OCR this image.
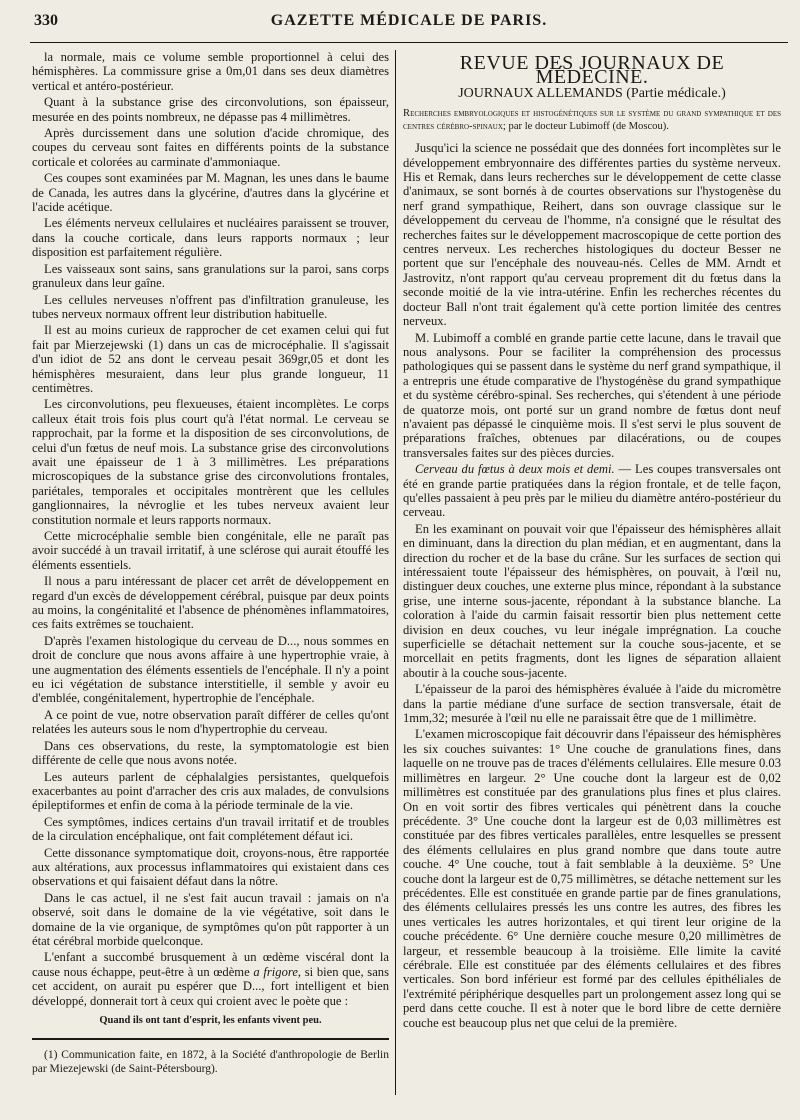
330	GAZETTE MÉDICALE DE PARIS.

la normale, mais ce volume semble proportionnel à celui des hémisphères. La commissure grise a 0m,01 dans ses deux diamètres vertical et antéro-postérieur.

Quant à la substance grise des circonvolutions, son épaisseur, mesurée en des points nombreux, ne dépasse pas 4 millimètres.

Après durcissement dans une solution d'acide chromique, des coupes du cerveau sont faites en différents points de la substance corticale et colorées au carminate d'ammoniaque.

Ces coupes sont examinées par M. Magnan, les unes dans le baume de Canada, les autres dans la glycérine, d'autres dans la glycérine et l'acide acétique.

Les éléments nerveux cellulaires et nucléaires paraissent se trouver, dans la couche corticale, dans leurs rapports normaux ; leur disposition est parfaitement régulière.

Les vaisseaux sont sains, sans granulations sur la paroi, sans corps granuleux dans leur gaîne.

Les cellules nerveuses n'offrent pas d'infiltration granuleuse, les tubes nerveux normaux offrent leur distribution habituelle.

Il est au moins curieux de rapprocher de cet examen celui qui fut fait par Mierzejewski (1) dans un cas de microcéphalie. Il s'agissait d'un idiot de 52 ans dont le cerveau pesait 369gr,05 et dont les hémisphères mesuraient, dans leur plus grande longueur, 11 centimètres.

Les circonvolutions, peu flexueuses, étaient incomplètes. Le corps calleux était trois fois plus court qu'à l'état normal. Le cerveau se rapprochait, par la forme et la disposition de ses circonvolutions, de celui d'un fœtus de neuf mois. La substance grise des circonvolutions avait une épaisseur de 1 à 3 millimètres. Les préparations microscopiques de la substance grise des circonvolutions frontales, pariétales, temporales et occipitales montrèrent que les cellules ganglionnaires, la névroglie et les tubes nerveux avaient leur constitution normale et leurs rapports normaux.

Cette microcéphalie semble bien congénitale, elle ne paraît pas avoir succédé à un travail irritatif, à une sclérose qui aurait étouffé les éléments essentiels.

Il nous a paru intéressant de placer cet arrêt de développement en regard d'un excès de développement cérébral, puisque par deux points au moins, la congénitalité et l'absence de phénomènes inflammatoires, ces faits extrêmes se touchaient.

D'après l'examen histologique du cerveau de D..., nous sommes en droit de conclure que nous avons affaire à une hypertrophie vraie, à une augmentation des éléments essentiels de l'encéphale. Il n'y a point eu ici végétation de substance interstitielle, il semble y avoir eu d'emblée, congénitalement, hypertrophie de l'encéphale.

A ce point de vue, notre observation paraît différer de celles qu'ont relatées les auteurs sous le nom d'hypertrophie du cerveau.

Dans ces observations, du reste, la symptomatologie est bien différente de celle que nous avons notée.

Les auteurs parlent de céphalalgies persistantes, quelquefois exacerbantes au point d'arracher des cris aux malades, de convulsions épileptiformes et enfin de coma à la période terminale de la vie.

Ces symptômes, indices certains d'un travail irritatif et de troubles de la circulation encéphalique, ont fait complétement défaut ici.

Cette dissonance symptomatique doit, croyons-nous, être rapportée aux altérations, aux processus inflammatoires qui existaient dans ces observations et qui faisaient défaut dans la nôtre.

Dans le cas actuel, il ne s'est fait aucun travail : jamais on n'a observé, soit dans le domaine de la vie végétative, soit dans le domaine de la vie organique, de symptômes qu'on pût rapporter à un état cérébral morbide quelconque.

L'enfant a succombé brusquement à un œdème viscéral dont la cause nous échappe, peut-être à un œdème a frigore, si bien que, sans cet accident, on aurait pu espérer que D..., fort intelligent et bien développé, donnerait tort à ceux qui croient avec le poète que :

Quand ils ont tant d'esprit, les enfants vivent peu.

(1) Communication faite, en 1872, à la Société d'anthropologie de Berlin par Miezejewski (de Saint-Pétersbourg).

REVUE DES JOURNAUX DE MÉDECINE.
JOURNAUX ALLEMANDS (Partie médicale.)

Recherches embryologiques et histogénétiques sur le système du grand sympathique et des centres cérébro-spinaux; par le docteur Lubimoff (de Moscou).

Jusqu'ici la science ne possédait que des données fort incomplètes sur le développement embryonnaire des différentes parties du système nerveux. His et Remak, dans leurs recherches sur le développement de cette classe d'animaux, se sont bornés à de courtes observations sur l'hystogenèse du nerf grand sympathique, Reihert, dans son ouvrage classique sur le développement du cerveau de l'homme, n'a consigné que le résultat des recherches faites sur le développement macroscopique de cette portion des centres nerveux. Les recherches histologiques du docteur Besser ne portent que sur l'encéphale des nouveau-nés. Celles de MM. Arndt et Jastrovitz, n'ont rapport qu'au cerveau proprement dit du fœtus dans la seconde moitié de la vie intra-utérine. Enfin les recherches récentes du docteur Ball n'ont trait également qu'à cette portion limitée des centres nerveux.

M. Lubimoff a comblé en grande partie cette lacune, dans le travail que nous analysons. Pour se faciliter la compréhension des processus pathologiques qui se passent dans le système du nerf grand sympathique, il a entrepris une étude comparative de l'hystogénèse du grand sympathique et du système cérébro-spinal. Ses recherches, qui s'étendent à une période de quatorze mois, ont porté sur un grand nombre de fœtus dont neuf n'avaient pas dépassé le cinquième mois. Il s'est servi le plus souvent de préparations fraîches, obtenues par dilacérations, ou de coupes transversales faites sur des pièces durcies.

Cerveau du fœtus à deux mois et demi. — Les coupes transversales ont été en grande partie pratiquées dans la région frontale, et de telle façon, qu'elles passaient à peu près par le milieu du diamètre antéro-postérieur du cerveau.

En les examinant on pouvait voir que l'épaisseur des hémisphères allait en diminuant, dans la direction du plan médian, et en augmentant, dans la direction du rocher et de la base du crâne. Sur les surfaces de section qui intéressaient toute l'épaisseur des hémisphères, on pouvait, à l'œil nu, distinguer deux couches, une externe plus mince, répondant à la substance grise, une interne sous-jacente, répondant à la substance blanche. La coloration à l'aide du carmin faisait ressortir bien plus nettement cette division en deux couches, vu leur inégale imprégnation. La couche superficielle se détachait nettement sur la couche sous-jacente, et se morcellait en petits fragments, dont les lignes de séparation allaient aboutir à la couche sous-jacente.

L'épaisseur de la paroi des hémisphères évaluée à l'aide du micromètre dans la partie médiane d'une surface de section transversale, était de 1mm,32; mesurée à l'œil nu elle ne paraissait être que de 1 millimètre.

L'examen microscopique fait découvrir dans l'épaisseur des hémisphères les six couches suivantes: 1° Une couche de granulations fines, dans laquelle on ne trouve pas de traces d'éléments cellulaires. Elle mesure 0.03 millimètres en largeur. 2° Une couche dont la largeur est de 0,02 millimètres est constituée par des granulations plus fines et plus claires. On en voit sortir des fibres verticales qui pénètrent dans la couche précédente. 3° Une couche dont la largeur est de 0,03 millimètres est constituée par des fibres verticales parallèles, entre lesquelles se pressent des éléments cellulaires en plus grand nombre que dans toute autre couche. 4° Une couche, tout à fait semblable à la deuxième. 5° Une couche dont la largeur est de 0,75 millimètres, se détache nettement sur les précédentes. Elle est constituée en grande partie par de fines granulations, des éléments cellulaires pressés les uns contre les autres, des fibres les unes verticales les autres horizontales, et qui tirent leur origine de la couche précédente. 6° Une dernière couche mesure 0,20 millimètres de largeur, et ressemble beaucoup à la troisième. Elle limite la cavité cérébrale. Elle est constituée par des éléments cellulaires et des fibres verticales. Son bord inférieur est formé par des cellules épithéliales de l'extrémité périphérique desquelles part un prolongement assez long qui se perd dans cette couche. Il est à noter que le bord libre de cette dernière couche est beaucoup plus net que celui de la première.
